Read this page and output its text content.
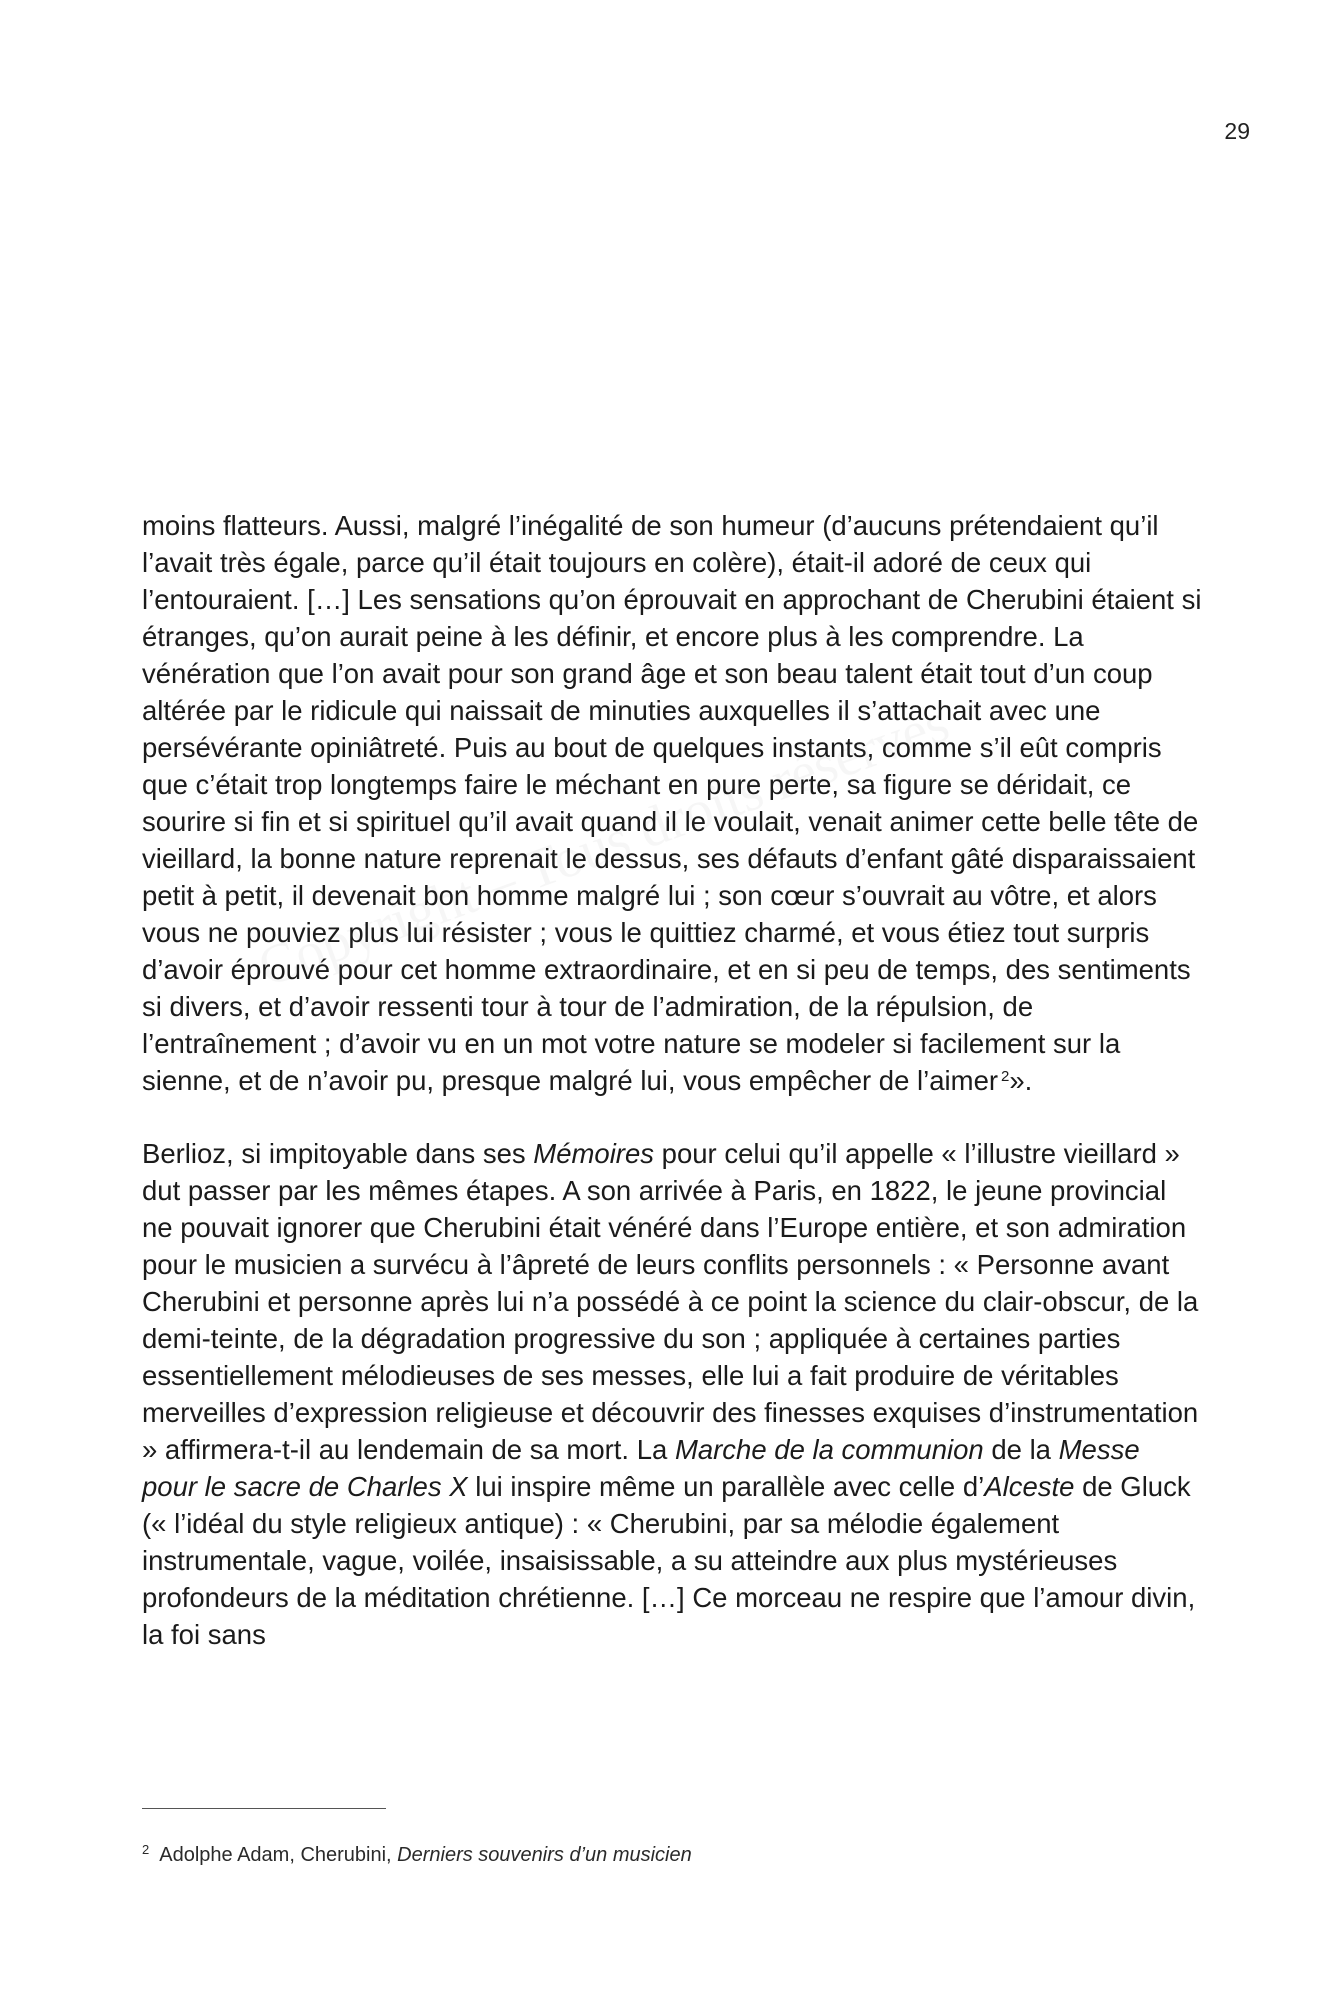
29

moins flatteurs. Aussi, malgré l’inégalité de son humeur (d’aucuns prétendaient qu’il l’avait très égale, parce qu’il était toujours en colère), était-il adoré de ceux qui l’entouraient. […] Les sensations qu’on éprouvait en approchant de Cherubini étaient si étranges, qu’on aurait peine à les définir, et encore plus à les comprendre. La vénération que l’on avait pour son grand âge et son beau talent était tout d’un coup altérée par le ridicule qui naissait de minuties auxquelles il s’attachait avec une persévérante opiniâtreté. Puis au bout de quelques instants, comme s’il eût compris que c’était trop longtemps faire le méchant en pure perte, sa figure se déridait, ce sourire si fin et si spirituel qu’il avait quand il le voulait, venait animer cette belle tête de vieillard, la bonne nature reprenait le dessus, ses défauts d’enfant gâté disparaissaient petit à petit, il devenait bon homme malgré lui ; son cœur s’ouvrait au vôtre, et alors vous ne pouviez plus lui résister ; vous le quittiez charmé, et vous étiez tout surpris d’avoir éprouvé pour cet homme extraordinaire, et en si peu de temps, des sentiments si divers, et d’avoir ressenti tour à tour de l’admiration, de la répulsion, de l’entraînement ; d’avoir vu en un mot votre nature se modeler si facilement sur la sienne, et de n’avoir pu, presque malgré lui, vous empêcher de l’aimer $^2$».

Berlioz, si impitoyable dans ses Mémoires pour celui qu’il appelle « l’illustre vieillard » dut passer par les mêmes étapes. A son arrivée à Paris, en 1822, le jeune provincial ne pouvait ignorer que Cherubini était vénéré dans l’Europe entière, et son admiration pour le musicien a survécu à l’âpreté de leurs conflits personnels : « Personne avant Cherubini et personne après lui n’a possédé à ce point la science du clair-obscur, de la demi-teinte, de la dégradation progressive du son ; appliquée à certaines parties essentiellement mélodieuses de ses messes, elle lui a fait produire de véritables merveilles d’expression religieuse et découvrir des finesses exquises d’instrumentation » affirmera-t-il au lendemain de sa mort. La Marche de la communion de la Messe pour le sacre de Charles X lui inspire même un parallèle avec celle d’Alceste de Gluck (« l’idéal du style religieux antique) : « Cherubini, par sa mélodie également instrumentale, vague, voilée, insaisissable, a su atteindre aux plus mystérieuses profondeurs de la méditation chrétienne. […] Ce morceau ne respire que l’amour divin, la foi sans

$^2$ Adolphe Adam, Cherubini, Derniers souvenirs d’un musicien
